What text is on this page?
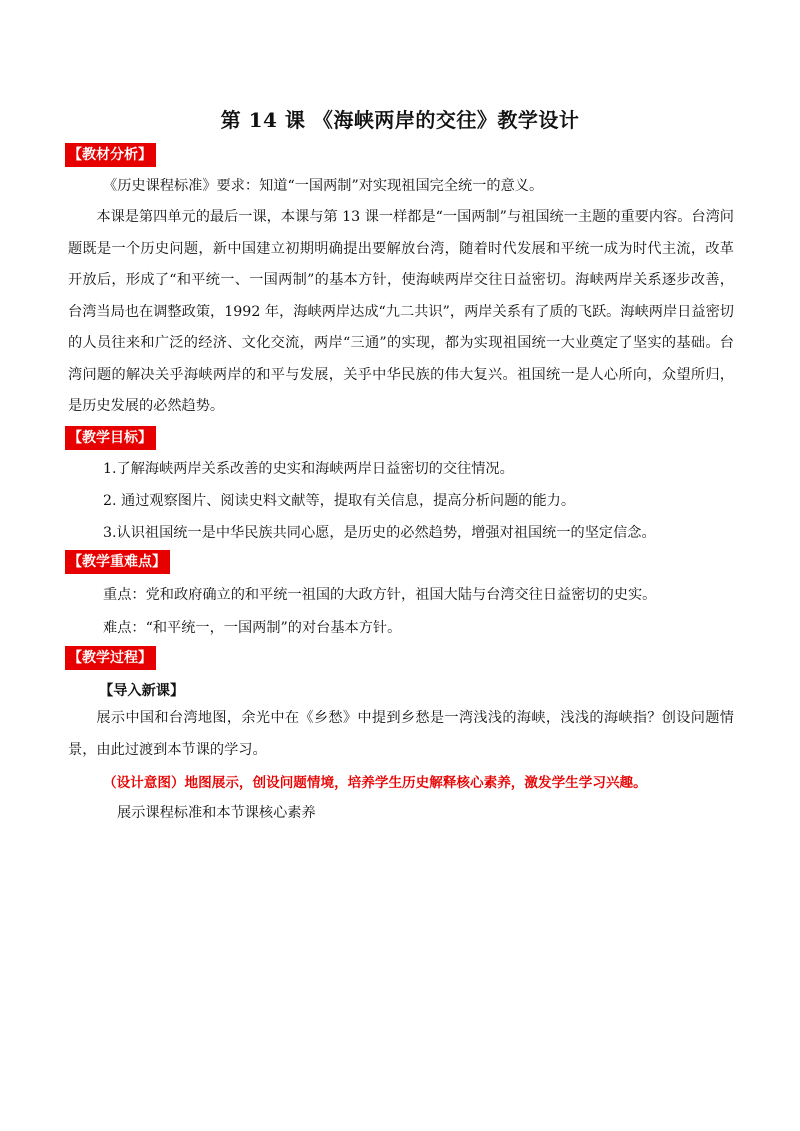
第 14 课 《海峡两岸的交往》教学设计
【教材分析】
《历史课程标准》要求：知道“一国两制”对实现祖国完全统一的意义。
本课是第四单元的最后一课，本课与第 13 课一样都是“一国两制”与祖国统一主题的重要内容。台湾问题既是一个历史问题，新中国建立初期明确提出要解放台湾，随着时代发展和平统一成为时代主流，改革开放后，形成了“和平统一、一国两制”的基本方针，使海峡两岸交往日益密切。海峡两岸关系逐步改善，台湾当局也在调整政策，1992 年，海峡两岸达成“九二共识”，两岸关系有了质的飞跃。海峡两岸日益密切的人员往来和广泛的经济、文化交流，两岸“三通”的实现，都为实现祖国统一大业奠定了坚实的基础。台湾问题的解决关乎海峡两岸的和平与发展，关乎中华民族的伟大复兴。祖国统一是人心所向，众望所归，是历史发展的必然趋势。
【教学目标】
1.了解海峡两岸关系改善的史实和海峡两岸日益密切的交往情况。
2. 通过观察图片、阅读史料文献等，提取有关信息，提高分析问题的能力。
3.认识祖国统一是中华民族共同心愿，是历史的必然趋势，增强对祖国统一的坚定信念。
【教学重难点】
重点：党和政府确立的和平统一祖国的大政方针，祖国大陆与台湾交往日益密切的史实。
难点：“和平统一，一国两制”的对台基本方针。
【教学过程】
【导入新课】
展示中国和台湾地图，余光中在《乡愁》中提到乡愁是一湾浅浅的海峡，浅浅的海峡指？创设问题情景，由此过渡到本节课的学习。
（设计意图）地图展示，创设问题情境，培养学生历史解释核心素养，激发学生学习兴趣。
展示课程标准和本节课核心素养
